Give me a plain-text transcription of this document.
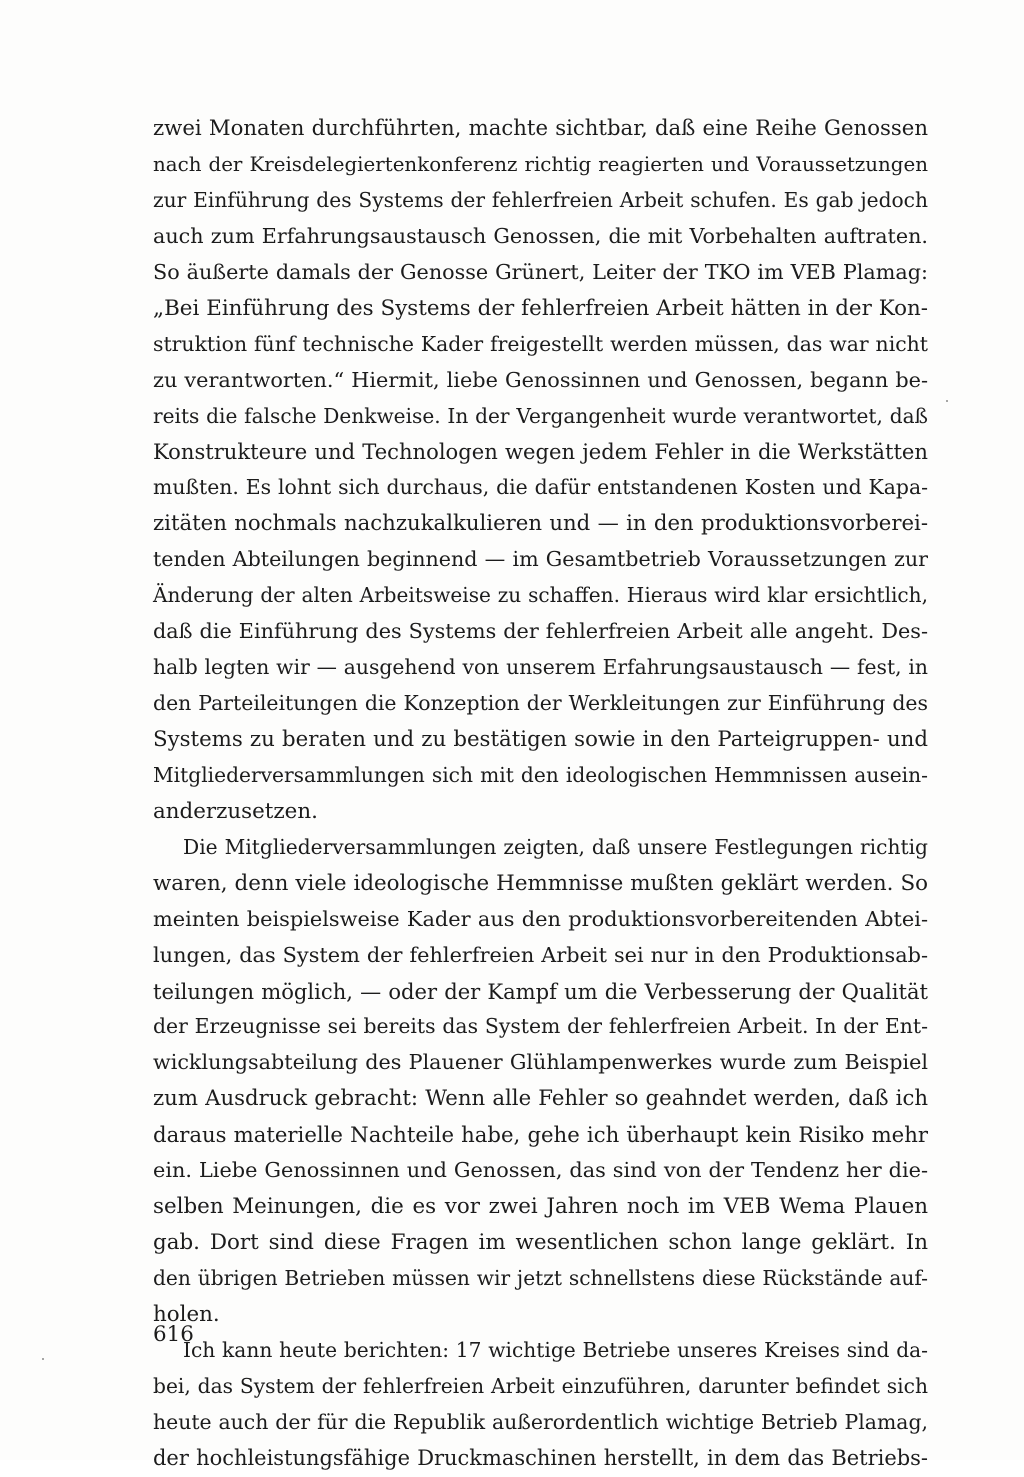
zwei Monaten durchführten, machte sichtbar, daß eine Reihe Genossen
nach der Kreisdelegiertenkonferenz richtig reagierten und Voraussetzungen
zur Einführung des Systems der fehlerfreien Arbeit schufen. Es gab jedoch
auch zum Erfahrungsaustausch Genossen, die mit Vorbehalten auftraten.
So äußerte damals der Genosse Grünert, Leiter der TKO im VEB Plamag:
„Bei Einführung des Systems der fehlerfreien Arbeit hätten in der Kon-
struktion fünf technische Kader freigestellt werden müssen, das war nicht
zu verantworten.“ Hiermit, liebe Genossinnen und Genossen, begann be-
reits die falsche Denkweise. In der Vergangenheit wurde verantwortet, daß
Konstrukteure und Technologen wegen jedem Fehler in die Werkstätten
mußten. Es lohnt sich durchaus, die dafür entstandenen Kosten und Kapa-
zitäten nochmals nachzukalkulieren und — in den produktionsvorberei-
tenden Abteilungen beginnend — im Gesamtbetrieb Voraussetzungen zur
Änderung der alten Arbeitsweise zu schaffen. Hieraus wird klar ersichtlich,
daß die Einführung des Systems der fehlerfreien Arbeit alle angeht. Des-
halb legten wir — ausgehend von unserem Erfahrungsaustausch — fest, in
den Parteileitungen die Konzeption der Werkleitungen zur Einführung des
Systems zu beraten und zu bestätigen sowie in den Parteigruppen- und
Mitgliederversammlungen sich mit den ideologischen Hemmnissen ausein-
anderzusetzen.
Die Mitgliederversammlungen zeigten, daß unsere Festlegungen richtig
waren, denn viele ideologische Hemmnisse mußten geklärt werden. So
meinten beispielsweise Kader aus den produktionsvorbereitenden Abtei-
lungen, das System der fehlerfreien Arbeit sei nur in den Produktionsab-
teilungen möglich, — oder der Kampf um die Verbesserung der Qualität
der Erzeugnisse sei bereits das System der fehlerfreien Arbeit. In der Ent-
wicklungsabteilung des Plauener Glühlampenwerkes wurde zum Beispiel
zum Ausdruck gebracht: Wenn alle Fehler so geahndet werden, daß ich
daraus materielle Nachteile habe, gehe ich überhaupt kein Risiko mehr
ein. Liebe Genossinnen und Genossen, das sind von der Tendenz her die-
selben Meinungen, die es vor zwei Jahren noch im VEB Wema Plauen
gab. Dort sind diese Fragen im wesentlichen schon lange geklärt. In
den übrigen Betrieben müssen wir jetzt schnellstens diese Rückstände auf-
holen.
Ich kann heute berichten: 17 wichtige Betriebe unseres Kreises sind da-
bei, das System der fehlerfreien Arbeit einzuführen, darunter befindet sich
heute auch der für die Republik außerordentlich wichtige Betrieb Plamag,
der hochleistungsfähige Druckmaschinen herstellt, in dem das Betriebs-
616
